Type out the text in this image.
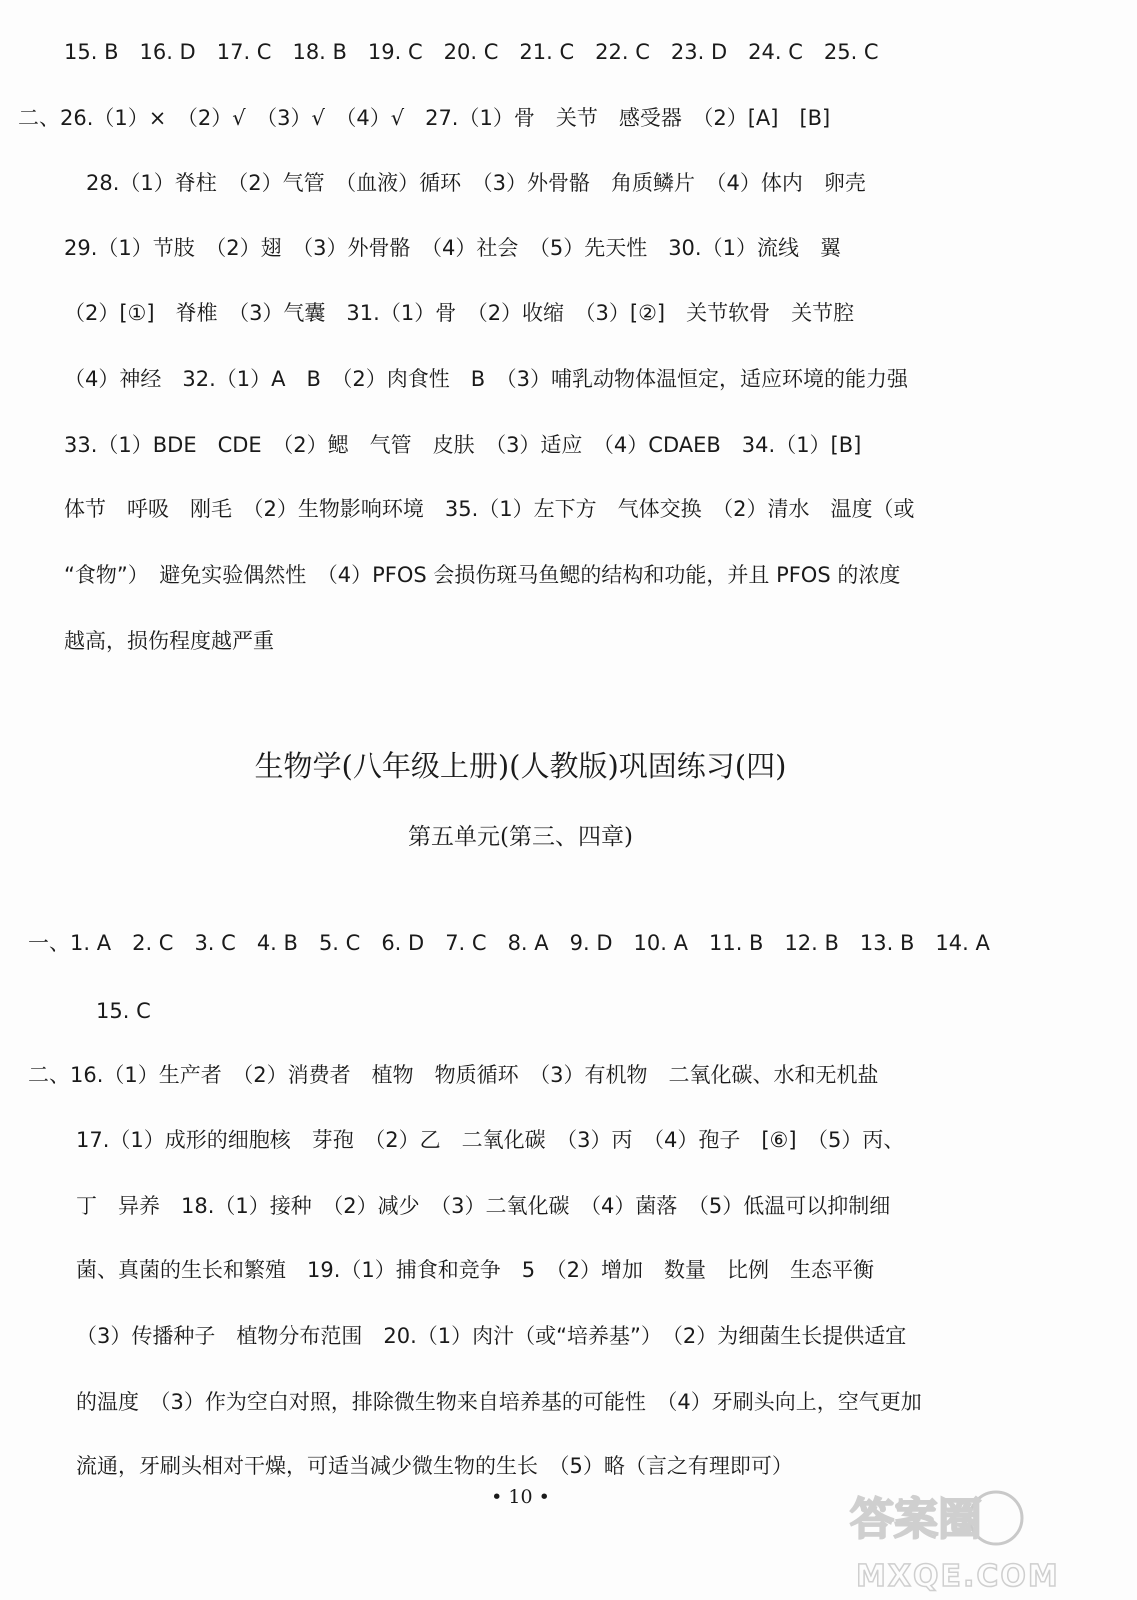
15. B　16. D　17. C　18. B　19. C　20. C　21. C　22. C　23. D　24. C　25. C
二、26.（1）×　（2）√　（3）√　（4）√　27.（1）骨　关节　感受器　（2）[A]　[B]
28.（1）脊柱　（2）气管　（血液）循环　（3）外骨骼　角质鳞片　（4）体内　卵壳
29.（1）节肢　（2）翅　（3）外骨骼　（4）社会　（5）先天性　30.（1）流线　翼
（2）[①]　脊椎　（3）气囊　31.（1）骨　（2）收缩　（3）[②]　关节软骨　关节腔
（4）神经　32.（1）A　B　（2）肉食性　B　（3）哺乳动物体温恒定，适应环境的能力强
33.（1）BDE　CDE　（2）鳃　气管　皮肤　（3）适应　（4）CDAEB　34.（1）[B]
体节　呼吸　刚毛　（2）生物影响环境　35.（1）左下方　气体交换　（2）清水　温度（或
“食物”）　避免实验偶然性　（4）PFOS 会损伤斑马鱼鳃的结构和功能，并且 PFOS 的浓度
越高，损伤程度越严重
生物学(八年级上册)(人教版)巩固练习(四)
第五单元(第三、四章)
一、1. A　2. C　3. C　4. B　5. C　6. D　7. C　8. A　9. D　10. A　11. B　12. B　13. B　14. A
15. C
二、16.（1）生产者　（2）消费者　植物　物质循环　（3）有机物　二氧化碳、水和无机盐
17.（1）成形的细胞核　芽孢　（2）乙　二氧化碳　（3）丙　（4）孢子　[⑥]　（5）丙、
丁　异养　18.（1）接种　（2）减少　（3）二氧化碳　（4）菌落　（5）低温可以抑制细
菌、真菌的生长和繁殖　19.（1）捕食和竞争　5　（2）增加　数量　比例　生态平衡
（3）传播种子　植物分布范围　20.（1）肉汁（或“培养基”）　（2）为细菌生长提供适宜
的温度　（3）作为空白对照，排除微生物来自培养基的可能性　（4）牙刷头向上，空气更加
流通，牙刷头相对干燥，可适当减少微生物的生长　（5）略（言之有理即可）
• 10 •	答案圈
MXQE.COM
